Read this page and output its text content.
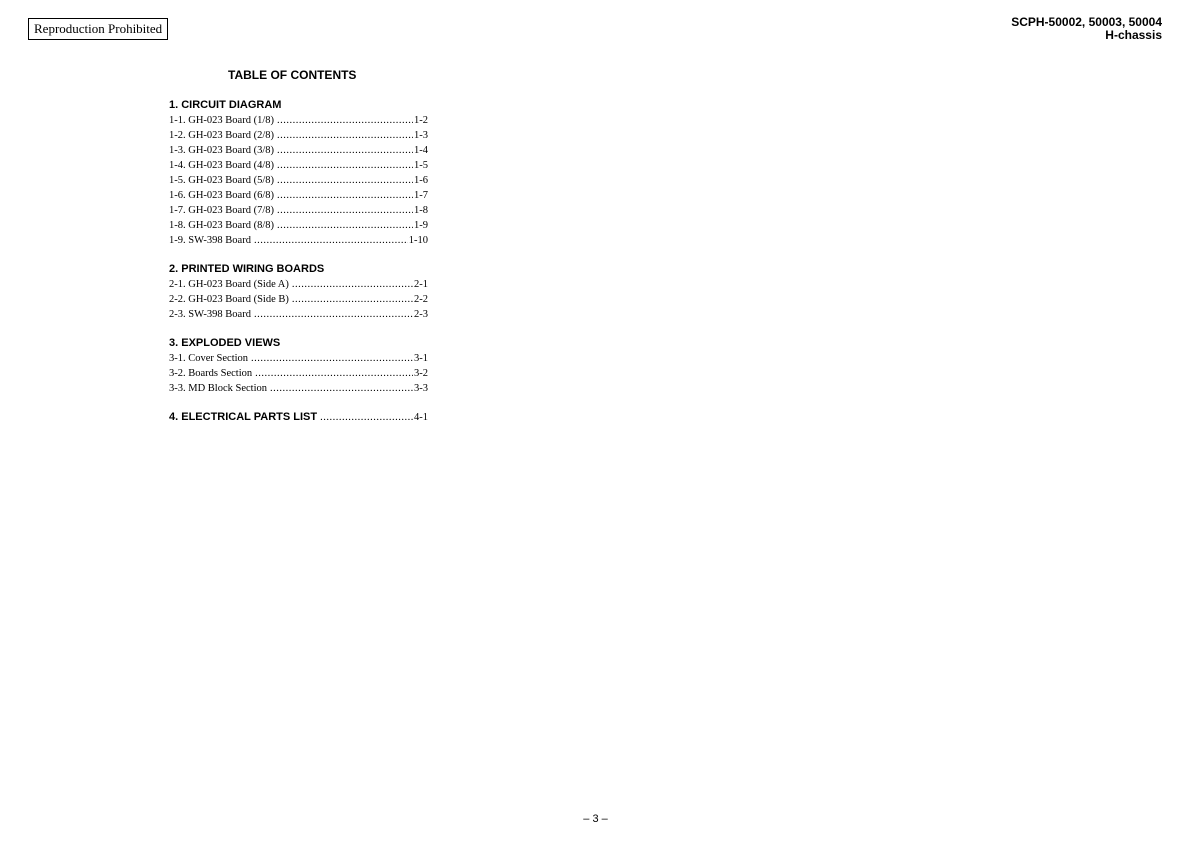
Reproduction Prohibited	SCPH-50002, 50003, 50004
H-chassis
TABLE OF CONTENTS
1. CIRCUIT DIAGRAM
1-1. GH-023 Board (1/8) .....	1-2
1-2. GH-023 Board (2/8) .....	1-3
1-3. GH-023 Board (3/8) .....	1-4
1-4. GH-023 Board (4/8) .....	1-5
1-5. GH-023 Board (5/8) .....	1-6
1-6. GH-023 Board (6/8) .....	1-7
1-7. GH-023 Board (7/8) .....	1-8
1-8. GH-023 Board (8/8) .....	1-9
1-9. SW-398 Board .....	1-10
2. PRINTED WIRING BOARDS
2-1. GH-023 Board (Side A) .....	2-1
2-2. GH-023 Board (Side B) .....	2-2
2-3. SW-398 Board .....	2-3
3. EXPLODED VIEWS
3-1. Cover Section .....	3-1
3-2. Boards Section .....	3-2
3-3. MD Block Section .....	3-3
4. ELECTRICAL PARTS LIST .....	4-1
– 3 –
